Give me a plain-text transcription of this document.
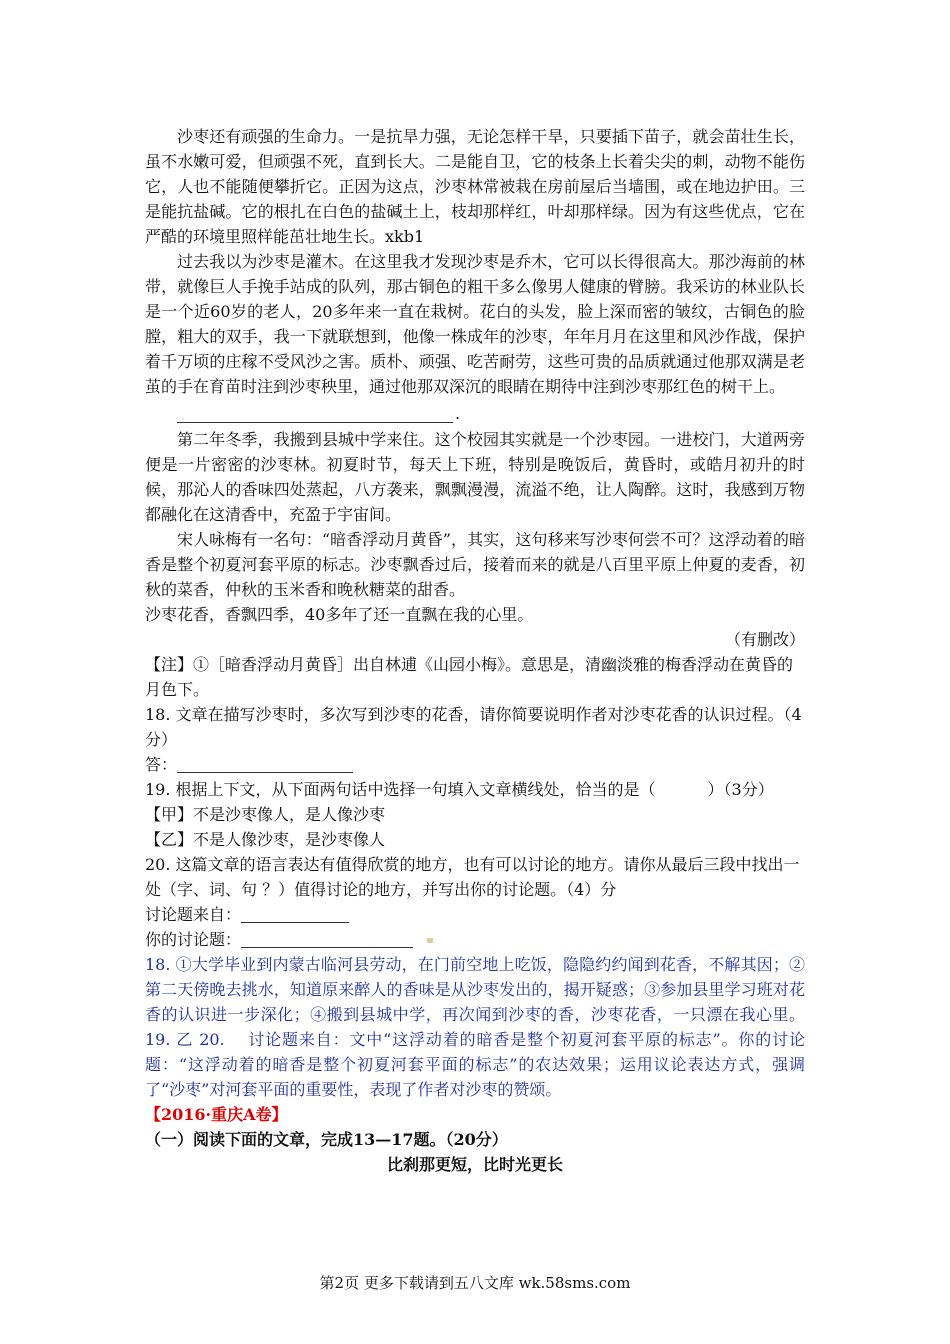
沙枣还有顽强的生命力。一是抗旱力强，无论怎样干旱，只要插下苗子，就会苗壮生长，虽不水嫩可爱，但顽强不死，直到长大。二是能自卫，它的枝条上长着尖尖的刺，动物不能伤它，人也不能随便攀折它。正因为这点，沙枣林常被栽在房前屋后当墙围，或在地边护田。三是能抗盐碱。它的根扎在白色的盐碱土上，枝却那样红，叶却那样绿。因为有这些优点，它在严酷的环境里照样能茁壮地生长。xkb1

过去我以为沙枣是灌木。在这里我才发现沙枣是乔木，它可以长得很高大。那沙海前的林带，就像巨人手挽手站成的队列，那古铜色的粗干多么像男人健康的臂膀。我采访的林业队长是一个近60岁的老人，20多年来一直在栽树。花白的头发，脸上深而密的皱纹，古铜色的脸膛，粗大的双手，我一下就联想到，他像一株成年的沙枣，年年月月在这里和风沙作战，保护着千万顷的庄稼不受风沙之害。质朴、顽强、吃苦耐劳，这些可贵的品质就通过他那双满是老茧的手在育苗时注到沙枣秧里，通过他那双深沉的眼睛在期待中注到沙枣那红色的树干上。

.

第二年冬季，我搬到县城中学来住。这个校园其实就是一个沙枣园。一进校门，大道两旁便是一片密密的沙枣林。初夏时节，每天上下班，特别是晚饭后，黄昏时，或皓月初升的时候，那沁人的香味四处蒸起，八方袭来，飘飘漫漫，流溢不绝，让人陶醉。这时，我感到万物都融化在这清香中，充盈于宇宙间。

宋人咏梅有一名句：“暗香浮动月黄昏”，其实，这句移来写沙枣何尝不可？这浮动着的暗香是整个初夏河套平原的标志。沙枣飘香过后，接着而来的就是八百里平原上仲夏的麦香，初秋的菜香，仲秋的玉米香和晚秋糖菜的甜香。

沙枣花香，香飘四季，40多年了还一直飘在我的心里。

（有删改）

【注】①［暗香浮动月黄昏］出自林逋《山园小梅》。意思是，清幽淡雅的梅香浮动在黄昏的月色下。

18. 文章在描写沙枣时，多次写到沙枣的花香，请你简要说明作者对沙枣花香的认识过程。（4分）

答：

19. 根据上下文，从下面两句话中选择一句填入文章横线处，恰当的是（	）（3分）

【甲】不是沙枣像人，是人像沙枣

【乙】不是人像沙枣，是沙枣像人

20. 这篇文章的语言表达有值得欣赏的地方，也有可以讨论的地方。请你从最后三段中找出一处（字、词、句 ？）值得讨论的地方，并写出你的讨论题。（4）分

讨论题来自：

你的讨论题：

18. ①大学毕业到内蒙古临河县劳动，在门前空地上吃饭，隐隐约约闻到花香，不解其因；②第二天傍晚去挑水，知道原来醉人的香味是从沙枣发出的，揭开疑惑；③参加县里学习班对花香的认识进一步深化；④搬到县城中学，再次闻到沙枣的香，沙枣花香，一只漂在我心里。19. 乙 20.　 讨论题来自：文中“这浮动着的暗香是整个初夏河套平原的标志”。你的讨论题：“这浮动着的暗香是整个初夏河套平面的标志”的农达效果；运用议论表达方式，强调了“沙枣”对河套平面的重要性，表现了作者对沙枣的赞颂。

【2016·重庆A卷】

（一）阅读下面的文章，完成13—17题。（20分）

比刹那更短，比时光更长

第2页 更多下载请到五八文库 wk.58sms.com
